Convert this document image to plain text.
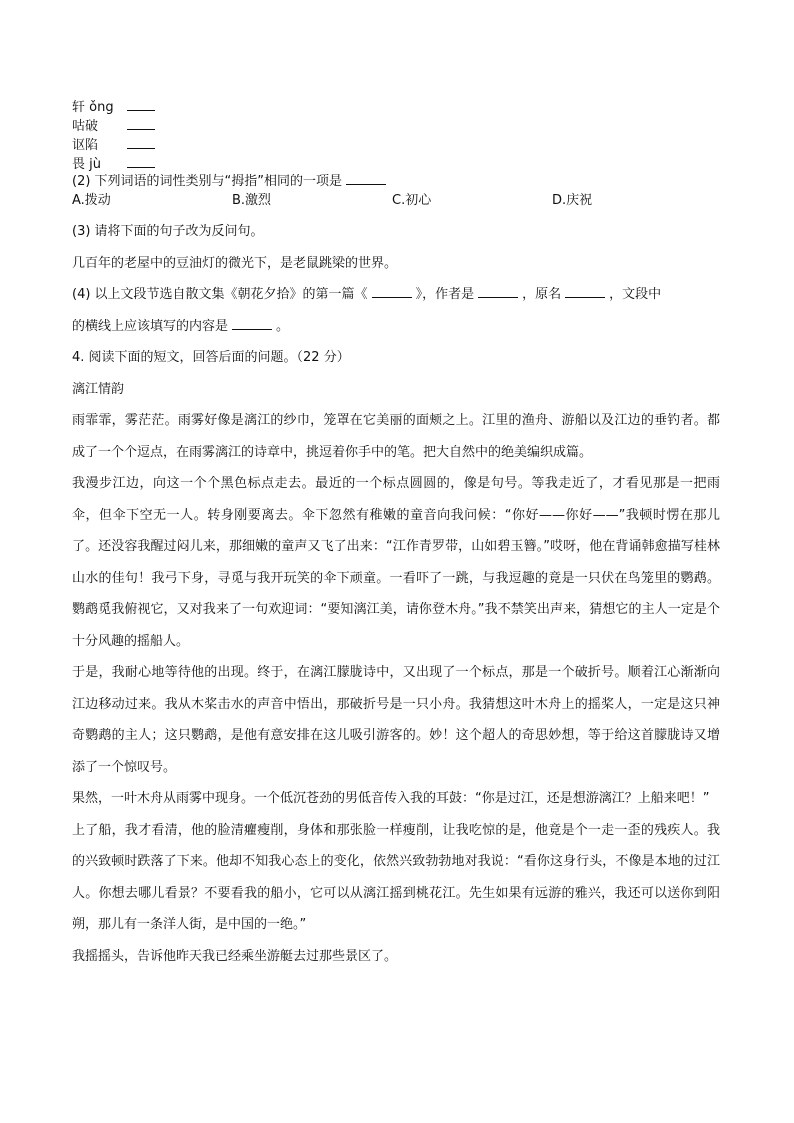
轩 ǒng
咕破
讴陷
畏 jù
(2) 下列词语的词性类别与“拇指”相同的一项是
A.拨动	B.激烈	C.初心	D.庆祝
(3) 请将下面的句子改为反问句。
几百年的老屋中的豆油灯的微光下，是老鼠跳梁的世界。
(4) 以上文段节选自散文集《朝花夕拾》的第一篇《	》，作者是	，原名	，文段中
的横线上应该填写的内容是	。
4. 阅读下面的短文，回答后面的问题。（22 分）
漓江情韵
雨霏霏，雾茫茫。雨雾好像是漓江的纱巾，笼罩在它美丽的面颊之上。江里的渔舟、游船以及江边的垂钓者。都成了一个个逗点，在雨雾漓江的诗章中，挑逗着你手中的笔。把大自然中的绝美编织成篇。
我漫步江边，向这一个个黑色标点走去。最近的一个标点圆圆的，像是句号。等我走近了，才看见那是一把雨伞，但伞下空无一人。转身刚要离去。伞下忽然有稚嫩的童音向我问候：“你好——你好——”我顿时愣在那儿了。还没容我醒过闷儿来，那细嫩的童声又飞了出来：“江作青罗带，山如碧玉簪。”哎呀，他在背诵韩愈描写桂林山水的佳句！我弓下身，寻觅与我开玩笑的伞下顽童。一看吓了一跳，与我逗趣的竟是一只伏在鸟笼里的鹦鹉。鹦鹉觅我俯视它，又对我来了一句欢迎词：“要知漓江美，请你登木舟。”我不禁笑出声来，猜想它的主人一定是个十分风趣的摇船人。
于是，我耐心地等待他的出现。终于，在漓江朦胧诗中，又出现了一个标点，那是一个破折号。顺着江心渐渐向江边移动过来。我从木桨击水的声音中悟出，那破折号是一只小舟。我猜想这叶木舟上的摇桨人，一定是这只神奇鹦鹉的主人；这只鹦鹉，是他有意安排在这儿吸引游客的。妙！这个超人的奇思妙想，等于给这首朦胧诗又增添了一个惊叹号。
果然，一叶木舟从雨雾中现身。一个低沉苍劲的男低音传入我的耳鼓：“你是过江，还是想游漓江？上船来吧！”
上了船，我才看清，他的脸清癯瘦削，身体和那张脸一样瘦削，让我吃惊的是，他竟是个一走一歪的残疾人。我的兴致顿时跌落了下来。他却不知我心态上的变化，依然兴致勃勃地对我说：“看你这身行头，不像是本地的过江人。你想去哪儿看景？不要看我的船小，它可以从漓江摇到桃花江。先生如果有远游的雅兴，我还可以送你到阳朔，那儿有一条洋人街，是中国的一绝。”
我摇摇头，告诉他昨天我已经乘坐游艇去过那些景区了。
